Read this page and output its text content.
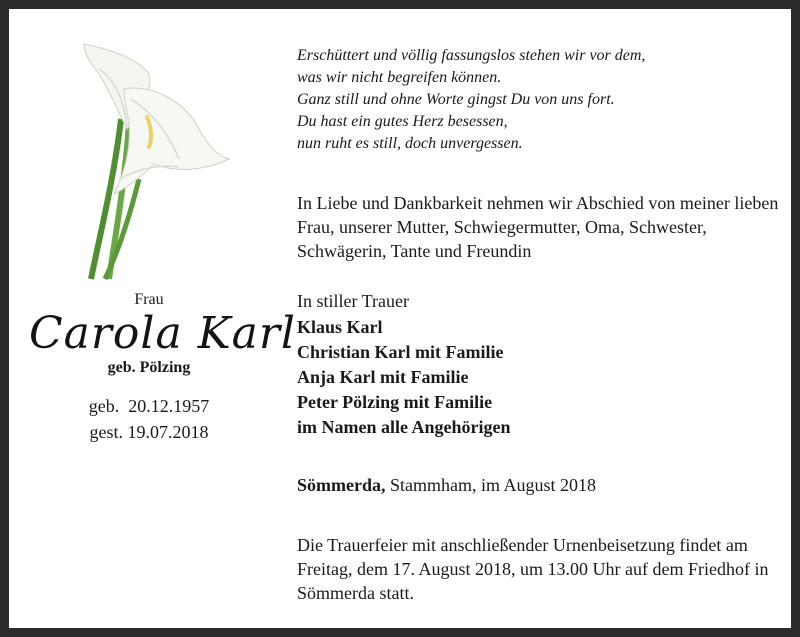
Erschüttert und völlig fassungslos stehen wir vor dem,
was wir nicht begreifen können.
Ganz still und ohne Worte gingst Du von uns fort.
Du hast ein gutes Herz besessen,
nun ruht es still, doch unvergessen.
In Liebe und Dankbarkeit nehmen wir Abschied von meiner lieben Frau, unserer Mutter, Schwiegermutter, Oma, Schwester, Schwägerin, Tante und Freundin
Frau
Carola Karl
geb. Pölzing
geb.  20.12.1957
gest. 19.07.2018
In stiller Trauer
Klaus Karl
Christian Karl mit Familie
Anja Karl mit Familie
Peter Pölzing mit Familie
im Namen alle Angehörigen
Sömmerda, Stammham, im August 2018
Die Trauerfeier mit anschließender Urnenbeisetzung findet am Freitag, dem 17. August 2018, um 13.00 Uhr auf dem Friedhof in Sömmerda statt.
